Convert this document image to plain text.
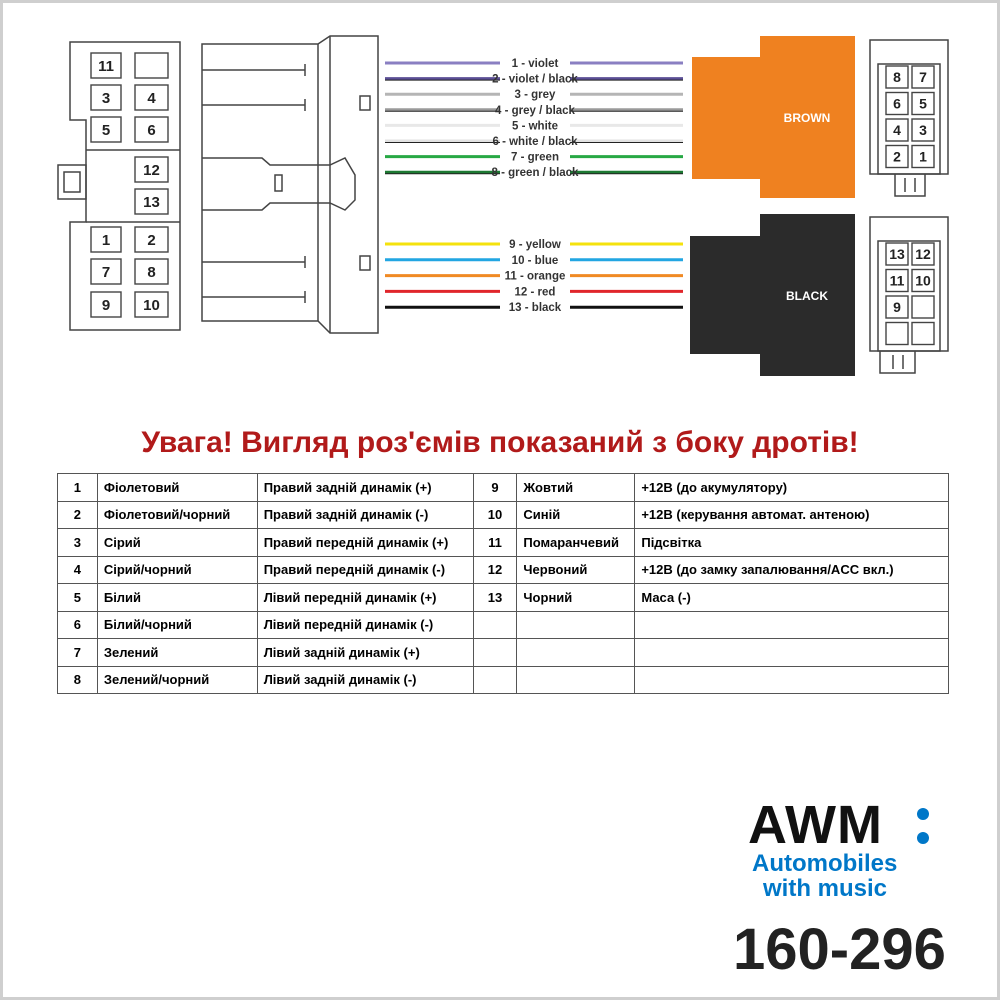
11
3 4
5 6
12
13
1 2
7 8
9 10
1 - violet
2 - violet / black
3 - grey
4 - grey / black
5 - white
6 - white / black
7 - green
8 - green / black
9 - yellow
10 - blue
11 - orange
12 - red
13 - black
BROWN
BLACK
8 7
6 5
4 3
2 1
13 12
11 10
9
Увага! Вигляд роз'ємів показаний з боку дротів!
1	Фіолетовий	Правий задній динамік (+)	9	Жовтий	+12В (до акумулятору)
2	Фіолетовий/чорний	Правий задній динамік (-)	10	Синій	+12В (керування автомат. антеною)
3	Сірий	Правий передній динамік (+)	11	Помаранчевий	Підсвітка
4	Сірий/чорний	Правий передній динамік (-)	12	Червоний	+12В (до замку запалювання/ACC вкл.)
5	Білий	Лівий передній динамік (+)	13	Чорний	Маса (-)
6	Білий/чорний	Лівий передній динамік (-)			
7	Зелений	Лівий задній динамік (+)			
8	Зелений/чорний	Лівий задній динамік (-)			
AWM
Automobiles
with music
160-296
